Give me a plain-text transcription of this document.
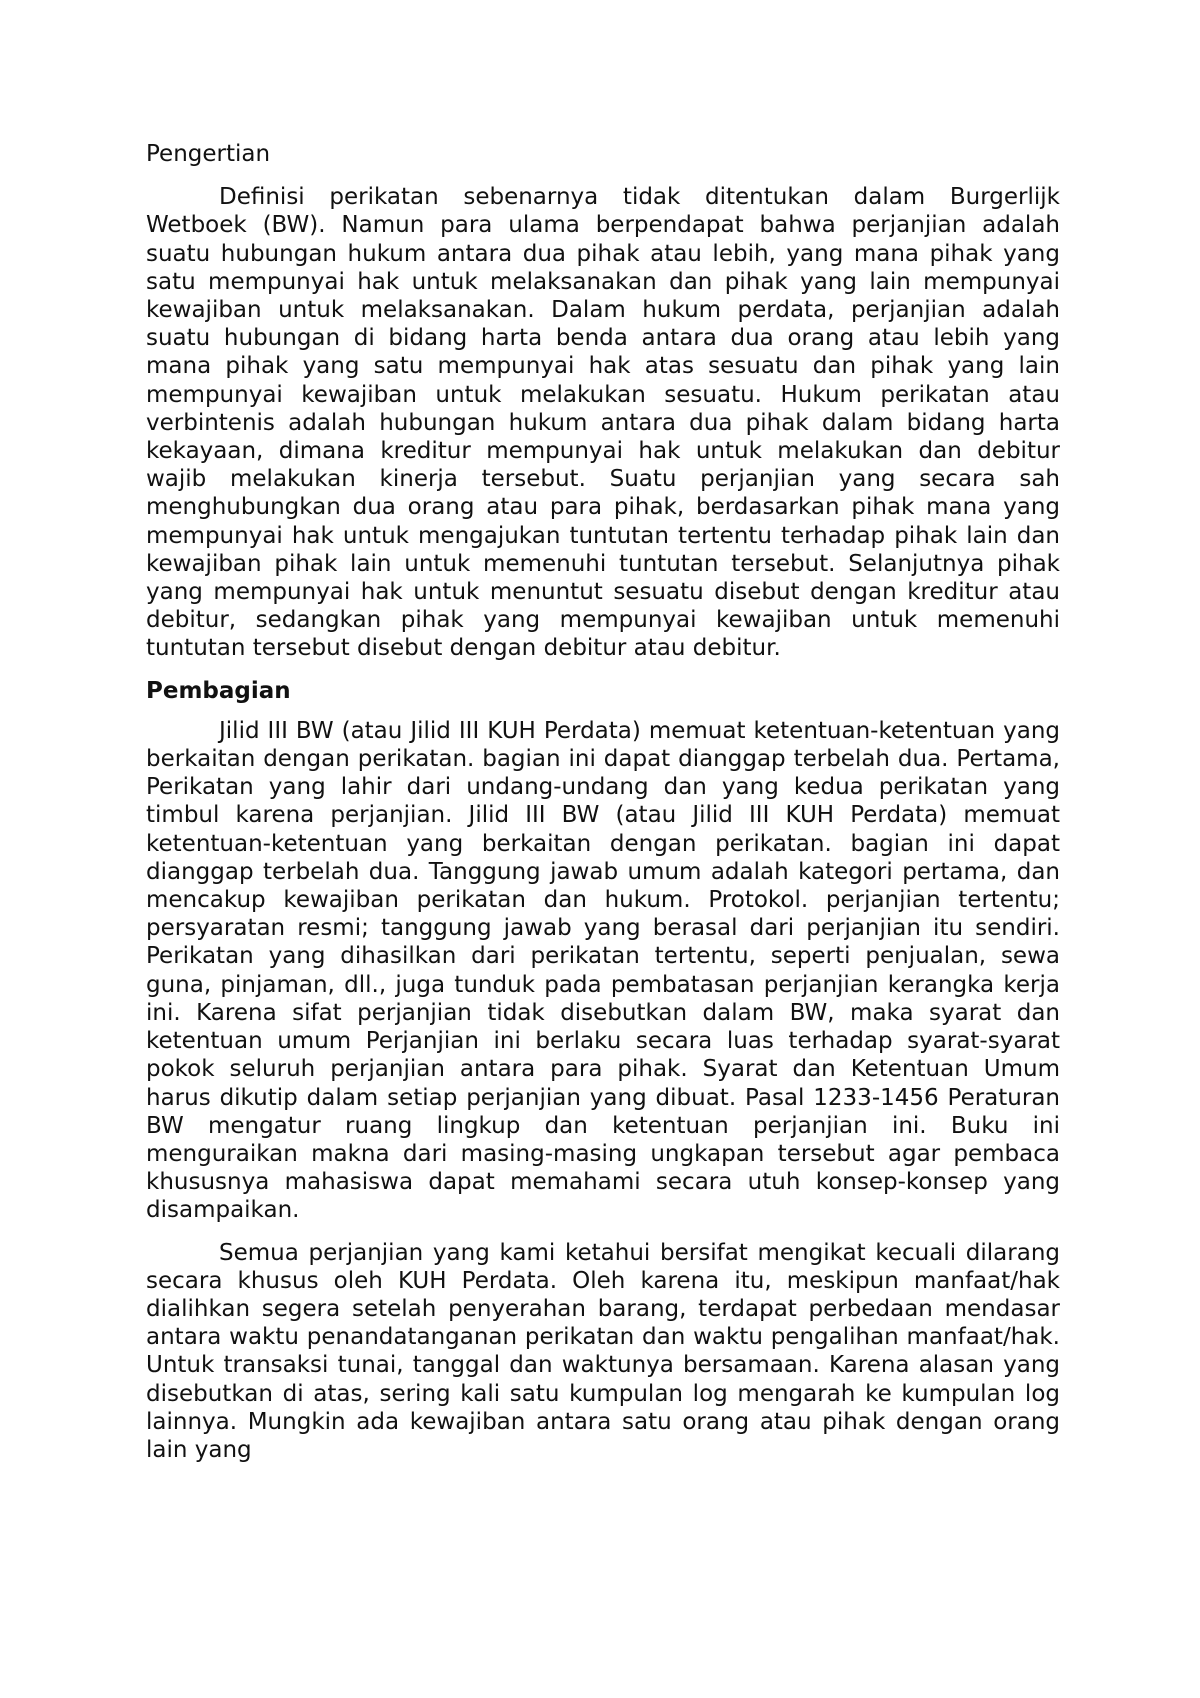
Pengertian

Definisi perikatan sebenarnya tidak ditentukan dalam Burgerlijk Wetboek (BW). Namun para ulama berpendapat bahwa perjanjian adalah suatu hubungan hukum antara dua pihak atau lebih, yang mana pihak yang satu mempunyai hak untuk melaksanakan dan pihak yang lain mempunyai kewajiban untuk melaksanakan. Dalam hukum perdata, perjanjian adalah suatu hubungan di bidang harta benda antara dua orang atau lebih yang mana pihak yang satu mempunyai hak atas sesuatu dan pihak yang lain mempunyai kewajiban untuk melakukan sesuatu. Hukum perikatan atau verbintenis adalah hubungan hukum antara dua pihak dalam bidang harta kekayaan, dimana kreditur mempunyai hak untuk melakukan dan debitur wajib melakukan kinerja tersebut. Suatu perjanjian yang secara sah menghubungkan dua orang atau para pihak, berdasarkan pihak mana yang mempunyai hak untuk mengajukan tuntutan tertentu terhadap pihak lain dan kewajiban pihak lain untuk memenuhi tuntutan tersebut. Selanjutnya pihak yang mempunyai hak untuk menuntut sesuatu disebut dengan kreditur atau debitur, sedangkan pihak yang mempunyai kewajiban untuk memenuhi tuntutan tersebut disebut dengan debitur atau debitur.

Pembagian

Jilid III BW (atau Jilid III KUH Perdata) memuat ketentuan-ketentuan yang berkaitan dengan perikatan. bagian ini dapat dianggap terbelah dua. Pertama, Perikatan yang lahir dari undang-undang dan yang kedua perikatan yang timbul karena perjanjian. Jilid III BW (atau Jilid III KUH Perdata) memuat ketentuan-ketentuan yang berkaitan dengan perikatan. bagian ini dapat dianggap terbelah dua. Tanggung jawab umum adalah kategori pertama, dan mencakup kewajiban perikatan dan hukum. Protokol. perjanjian tertentu; persyaratan resmi; tanggung jawab yang berasal dari perjanjian itu sendiri. Perikatan yang dihasilkan dari perikatan tertentu, seperti penjualan, sewa guna, pinjaman, dll., juga tunduk pada pembatasan perjanjian kerangka kerja ini. Karena sifat perjanjian tidak disebutkan dalam BW, maka syarat dan ketentuan umum Perjanjian ini berlaku secara luas terhadap syarat-syarat pokok seluruh perjanjian antara para pihak. Syarat dan Ketentuan Umum harus dikutip dalam setiap perjanjian yang dibuat. Pasal 1233-1456 Peraturan BW mengatur ruang lingkup dan ketentuan perjanjian ini. Buku ini menguraikan makna dari masing-masing ungkapan tersebut agar pembaca khususnya mahasiswa dapat memahami secara utuh konsep-konsep yang disampaikan.

Semua perjanjian yang kami ketahui bersifat mengikat kecuali dilarang secara khusus oleh KUH Perdata. Oleh karena itu, meskipun manfaat/hak dialihkan segera setelah penyerahan barang, terdapat perbedaan mendasar antara waktu penandatanganan perikatan dan waktu pengalihan manfaat/hak. Untuk transaksi tunai, tanggal dan waktunya bersamaan. Karena alasan yang disebutkan di atas, sering kali satu kumpulan log mengarah ke kumpulan log lainnya. Mungkin ada kewajiban antara satu orang atau pihak dengan orang lain yang
